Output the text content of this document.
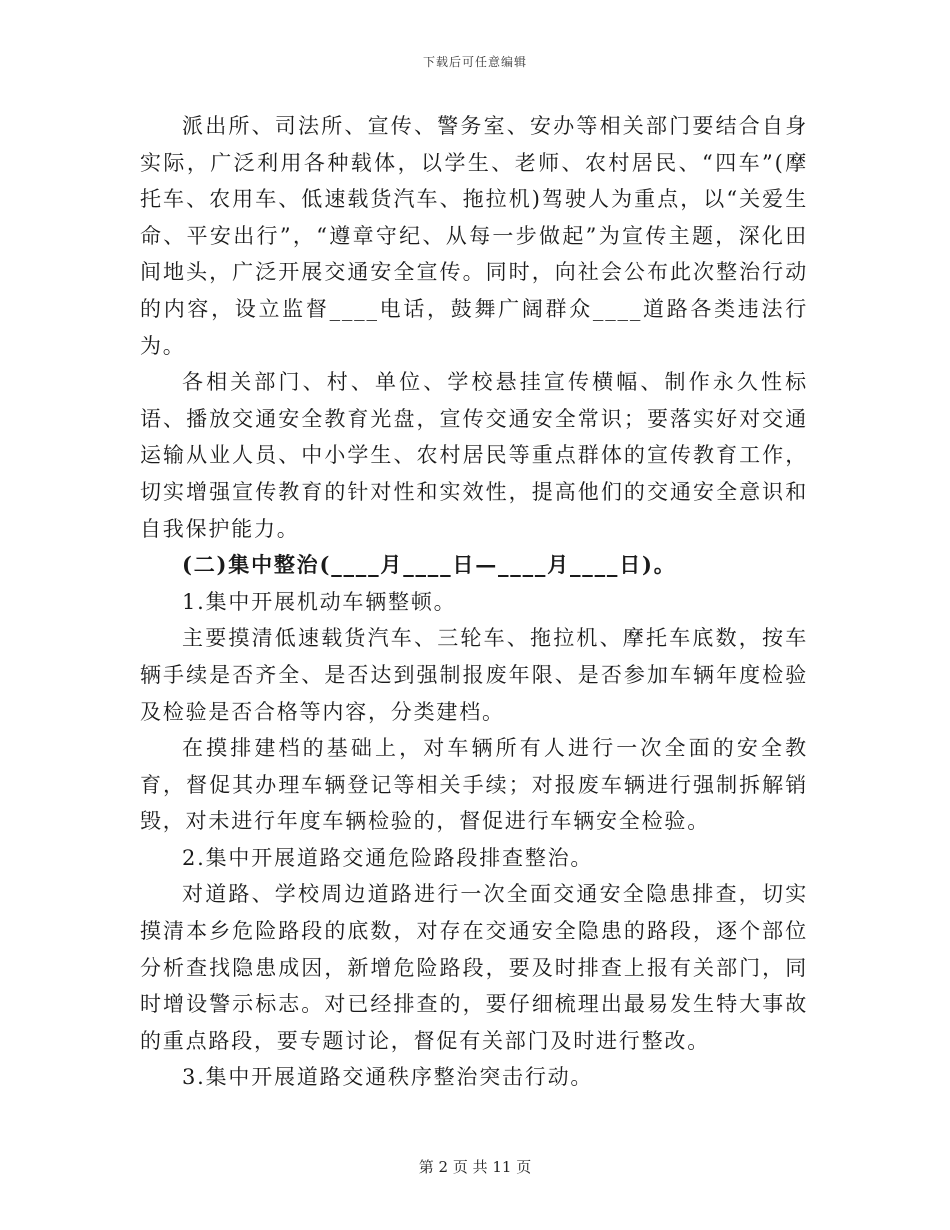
下载后可任意编辑

派出所、司法所、宣传、警务室、安办等相关部门要结合自身实际，广泛利用各种载体，以学生、老师、农村居民、“四车”(摩托车、农用车、低速载货汽车、拖拉机)驾驶人为重点，以“关爱生命、平安出行”，“遵章守纪、从每一步做起”为宣传主题，深化田间地头，广泛开展交通安全宣传。同时，向社会公布此次整治行动的内容，设立监督____电话，鼓舞广阔群众____道路各类违法行为。

各相关部门、村、单位、学校悬挂宣传横幅、制作永久性标语、播放交通安全教育光盘，宣传交通安全常识；要落实好对交通运输从业人员、中小学生、农村居民等重点群体的宣传教育工作，切实增强宣传教育的针对性和实效性，提高他们的交通安全意识和自我保护能力。

(二)集中整治(____月____日—____月____日)。

1.集中开展机动车辆整顿。

主要摸清低速载货汽车、三轮车、拖拉机、摩托车底数，按车辆手续是否齐全、是否达到强制报废年限、是否参加车辆年度检验及检验是否合格等内容，分类建档。

在摸排建档的基础上，对车辆所有人进行一次全面的安全教育，督促其办理车辆登记等相关手续；对报废车辆进行强制拆解销毁，对未进行年度车辆检验的，督促进行车辆安全检验。

2.集中开展道路交通危险路段排查整治。

对道路、学校周边道路进行一次全面交通安全隐患排查，切实摸清本乡危险路段的底数，对存在交通安全隐患的路段，逐个部位分析查找隐患成因，新增危险路段，要及时排查上报有关部门，同时增设警示标志。对已经排查的，要仔细梳理出最易发生特大事故的重点路段，要专题讨论，督促有关部门及时进行整改。

3.集中开展道路交通秩序整治突击行动。

第 2 页 共 11 页
